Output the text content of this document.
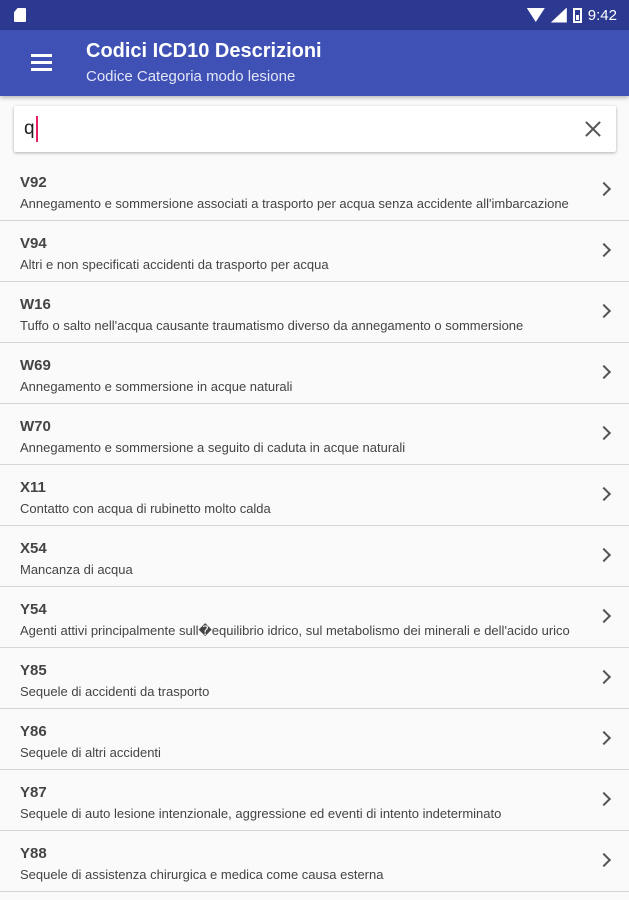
9:42
Codici ICD10 Descrizioni
Codice Categoria modo lesione
q
V92
Annegamento e sommersione associati a trasporto per acqua senza accidente all'imbarcazione
V94
Altri e non specificati accidenti da trasporto per acqua
W16
Tuffo o salto nell'acqua causante traumatismo diverso da annegamento o sommersione
W69
Annegamento e sommersione in acque naturali
W70
Annegamento e sommersione a seguito di caduta in acque naturali
X11
Contatto con acqua di rubinetto molto calda
X54
Mancanza di acqua
Y54
Agenti attivi principalmente sull�equilibrio idrico, sul metabolismo dei minerali e dell'acido urico
Y85
Sequele di accidenti da trasporto
Y86
Sequele di altri accidenti
Y87
Sequele di auto lesione intenzionale, aggressione ed eventi di intento indeterminato
Y88
Sequele di assistenza chirurgica e medica come causa esterna
